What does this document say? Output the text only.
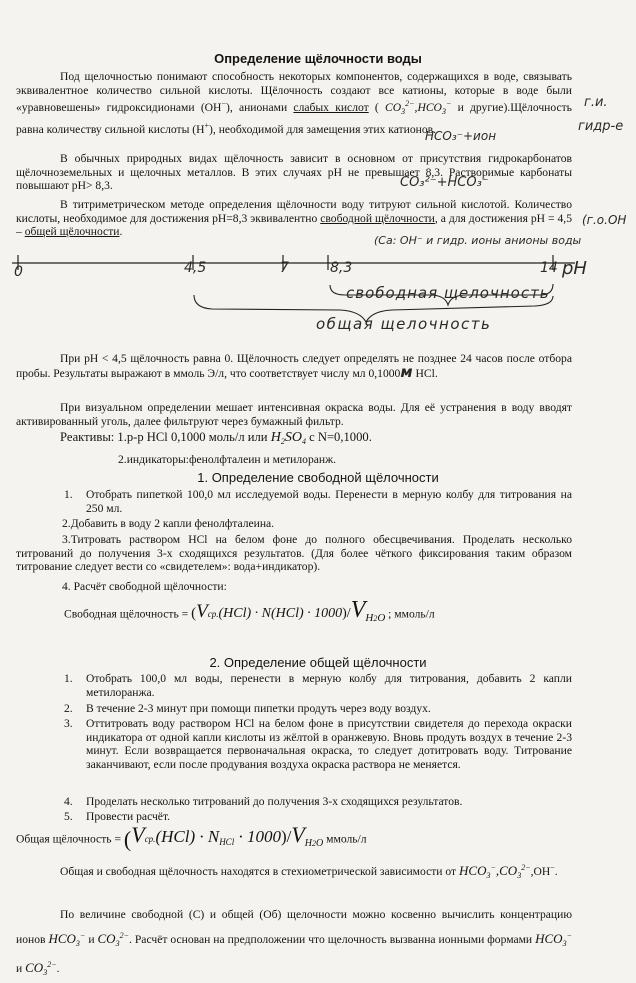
Определение щёлочности воды

Под щелочностью понимают способность некоторых компонентов, содержащихся в воде, связывать эквивалентное количество сильной кислоты. Щёлочность создают все катионы, которые в воде были «уравновешены» гидроксидионами (OH−), анионами слабых кислот ( $CO_3^{2-},HCO_3^-$ и другие).Щёлочность равна количеству сильной кислоты (H+), необходимой для замещения этих катионов.

В обычных природных видах щёлочность зависит в основном от присутствия гидрокарбонатов щёлочноземельных и щелочных металлов. В этих случаях pH не превышает 8,3. Растворимые карбонаты повышают pH> 8,3.

В титриметрическом методе определения щёлочности воду титруют сильной кислотой. Количество кислоты, необходимое для достижения pH=8,3 эквивалентно свободной щёлочности, а для достижения pH = 4,5 – общей щёлочности.

г.и.
гидр-е
HCO₃⁻+ион
CO₃²⁻+HCO₃⁻
(г.о.ОН
(Ca: ОН⁻ и гидр. ионы анионы воды
0	4,5	7	8,3	14 pH
свободная щелочность
общая щелочность

При pH < 4,5 щёлочность равна 0. Щёлочность следует определять не позднее 24 часов после отбора пробы. Результаты выражают в ммоль Э/л, что соответствует числу мл 0,1000м HCl.

При визуальном определении мешает интенсивная окраска воды. Для её устранения в воду вводят активированный уголь, далее фильтруют через бумажный фильтр.

Реактивы: 1.р-р HCl 0,1000 моль/л или $H_2SO_4$ с N=0,1000.

2.индикаторы:фенолфталеин и метилоранж.

1. Определение свободной щёлочности

1. Отобрать пипеткой 100,0 мл исследуемой воды. Перенести в мерную колбу для титрования на 250 мл.

2.Добавить в воду 2 капли фенолфталеина.

3.Титровать раствором HCl на белом фоне до полного обесцвечивания. Проделать несколько титрований до получения 3-х сходящихся результатов. (Для более чёткого фиксирования таким образом титрование следует вести со «свидетелем»: вода+индикатор).

4. Расчёт свободной щёлочности:

Свободная щёлочность = (Vcp.(HCl) · N(HCl) · 1000)/VH2O ; ммоль/л

2. Определение общей щёлочности

1. Отобрать 100,0 мл воды, перенести в мерную колбу для титрования, добавить 2 капли метилоранжа.

2. В течение 2-3 минут при помощи пипетки продуть через воду воздух.

3. Оттитровать воду раствором HCl на белом фоне в присутствии свидетеля до перехода окраски индикатора от одной капли кислоты из жёлтой в оранжевую. Вновь продуть воздух в течение 2-3 минут. Если возвращается первоначальная окраска, то следует дотитровать воду. Титрование заканчивают, если после продувания воздуха окраска раствора не меняется.

4. Проделать несколько титрований до получения 3-х сходящихся результатов.

5. Провести расчёт.

Общая щёлочность = $(Vcp.(HCl) \cdot N_{HCl} \cdot 1000)/VH2O$ ммоль/л

Общая и свободная щёлочность находятся в стехиометрической зависимости от $HCO_3^-,CO_3^{2-},OH^-$.

По величине свободной (С) и общей (Об) щелочности можно косвенно вычислить концентрацию ионов $HCO_3^-$ и $CO_3^{2-}$. Расчёт основан на предположении что щелочность вызванна ионными формами $HCO_3^-$ и $CO_3^{2-}$.
